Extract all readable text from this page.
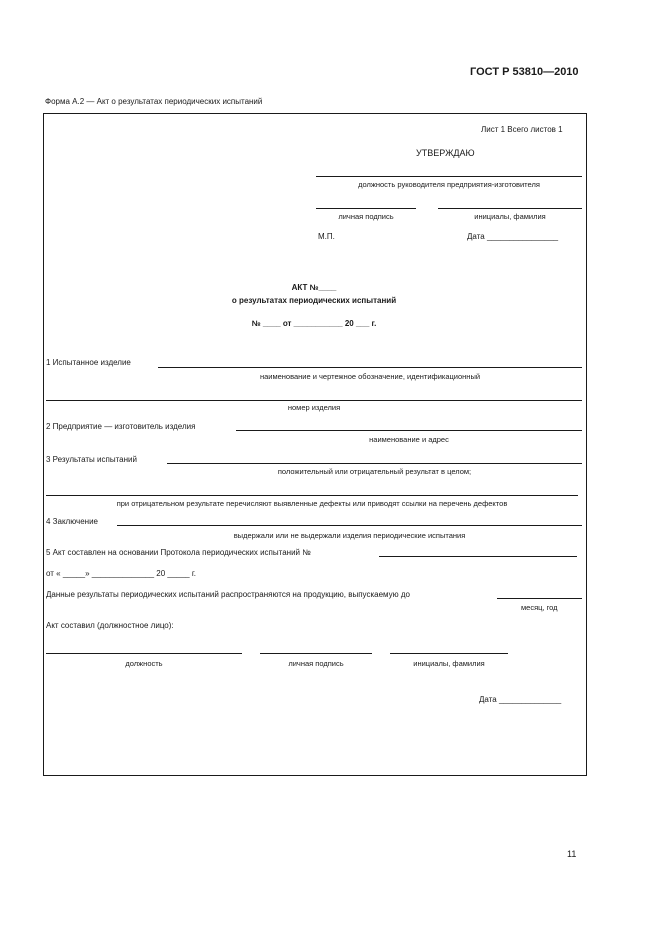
ГОСТ Р 53810—2010
Форма А.2 — Акт о результатах периодических испытаний
Лист 1 Всего листов 1
УТВЕРЖДАЮ
должность руководителя предприятия-изготовителя
личная подпись	инициалы, фамилия
М.П.	Дата ________________
АКТ №____
о результатах периодических испытаний
№ ____ от ___________ 20 ___ г.
1 Испытанное изделие
наименование и чертежное обозначение, идентификационный
номер изделия
2 Предприятие — изготовитель изделия
наименование и адрес
3 Результаты испытаний
положительный или отрицательный результат в целом;
при отрицательном результате перечисляют выявленные дефекты или приводят ссылки на перечень дефектов
4 Заключение
выдержали или не выдержали изделия периодические испытания
5 Акт составлен на основании Протокола периодических испытаний №
от « _____» ______________ 20 _____ г.
Данные результаты периодических испытаний распространяются на продукцию, выпускаемую до
месяц, год
Акт составил (должностное лицо):
должность	личная подпись	инициалы, фамилия
Дата ______________
11
